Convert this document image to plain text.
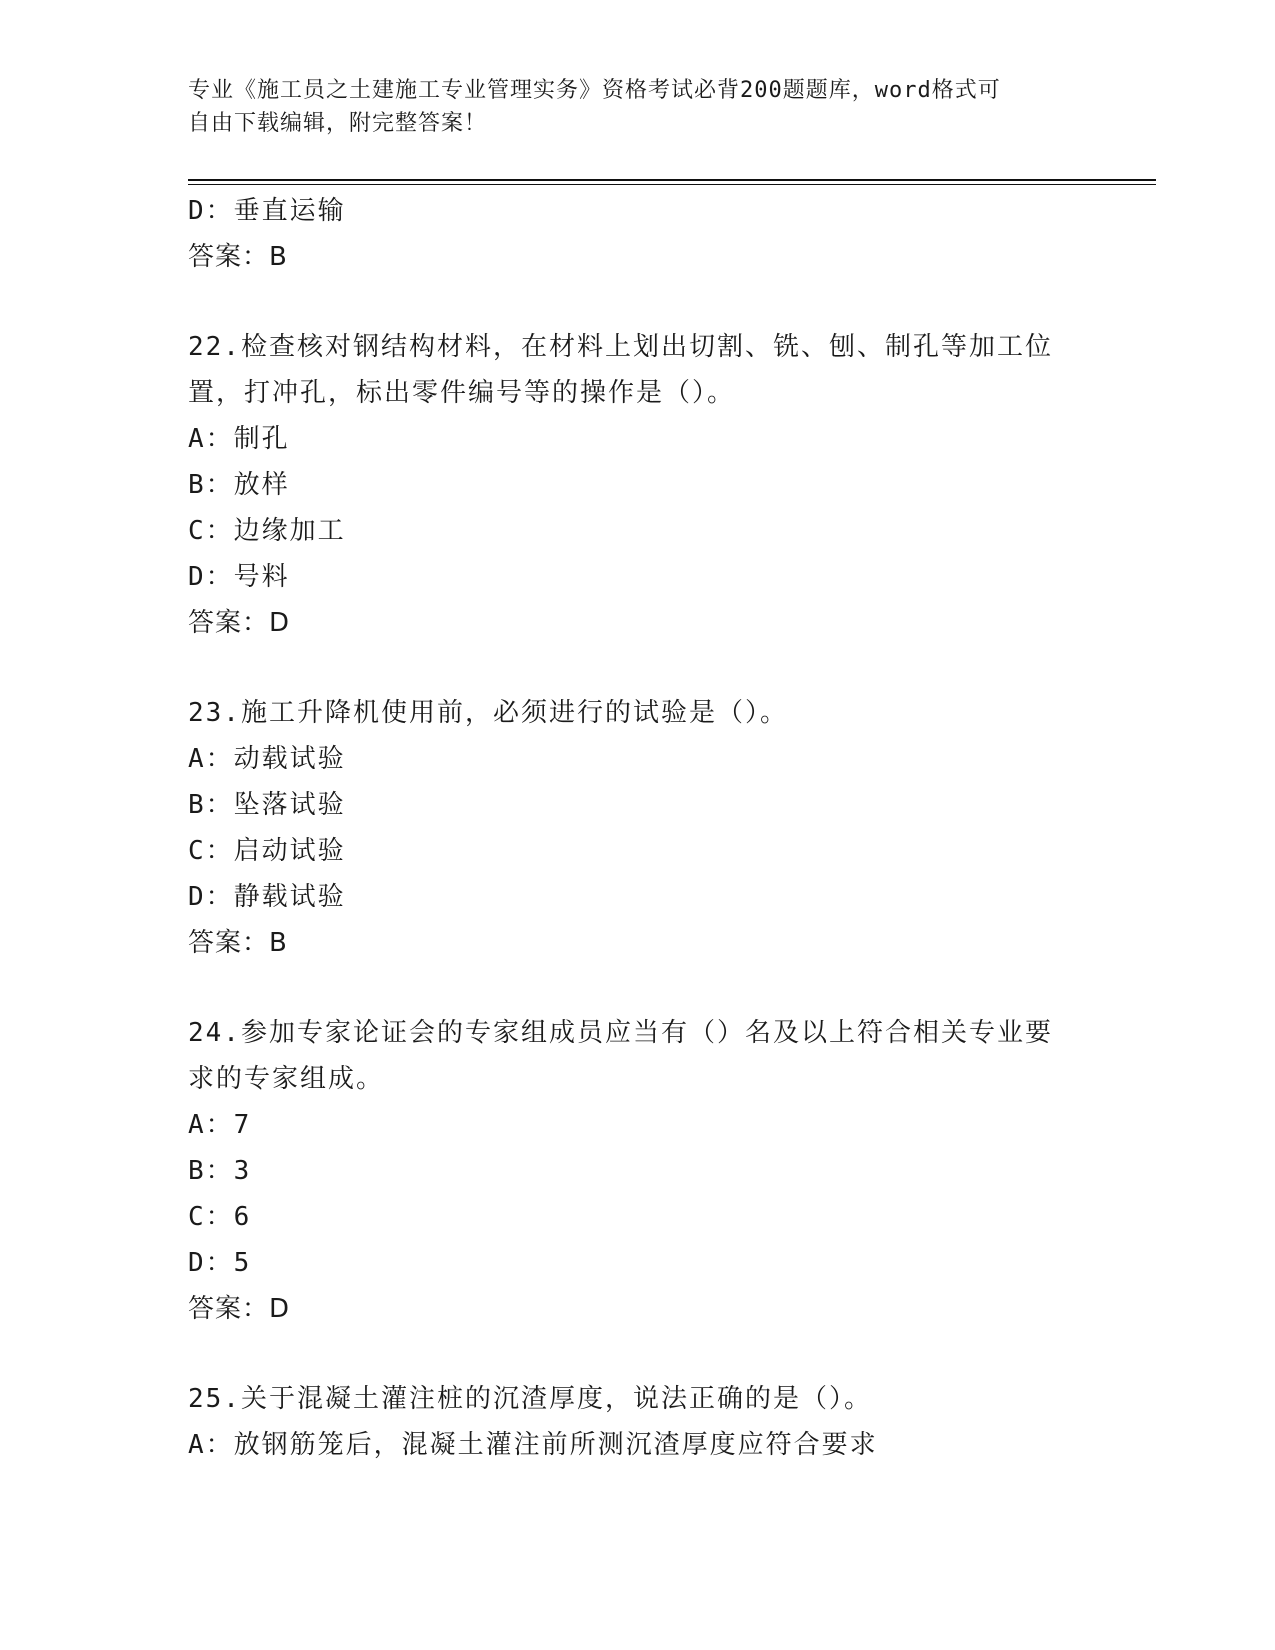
专业《施工员之土建施工专业管理实务》资格考试必背200题题库，word格式可
自由下载编辑，附完整答案！
D：垂直运输
答案：B
22.检查核对钢结构材料，在材料上划出切割、铣、刨、制孔等加工位
置，打冲孔，标出零件编号等的操作是（）。
A：制孔
B：放样
C：边缘加工
D：号料
答案：D
23.施工升降机使用前，必须进行的试验是（）。
A：动载试验
B：坠落试验
C：启动试验
D：静载试验
答案：B
24.参加专家论证会的专家组成员应当有（）名及以上符合相关专业要
求的专家组成。
A：7
B：3
C：6
D：5
答案：D
25.关于混凝土灌注桩的沉渣厚度，说法正确的是（）。
A：放钢筋笼后，混凝土灌注前所测沉渣厚度应符合要求
